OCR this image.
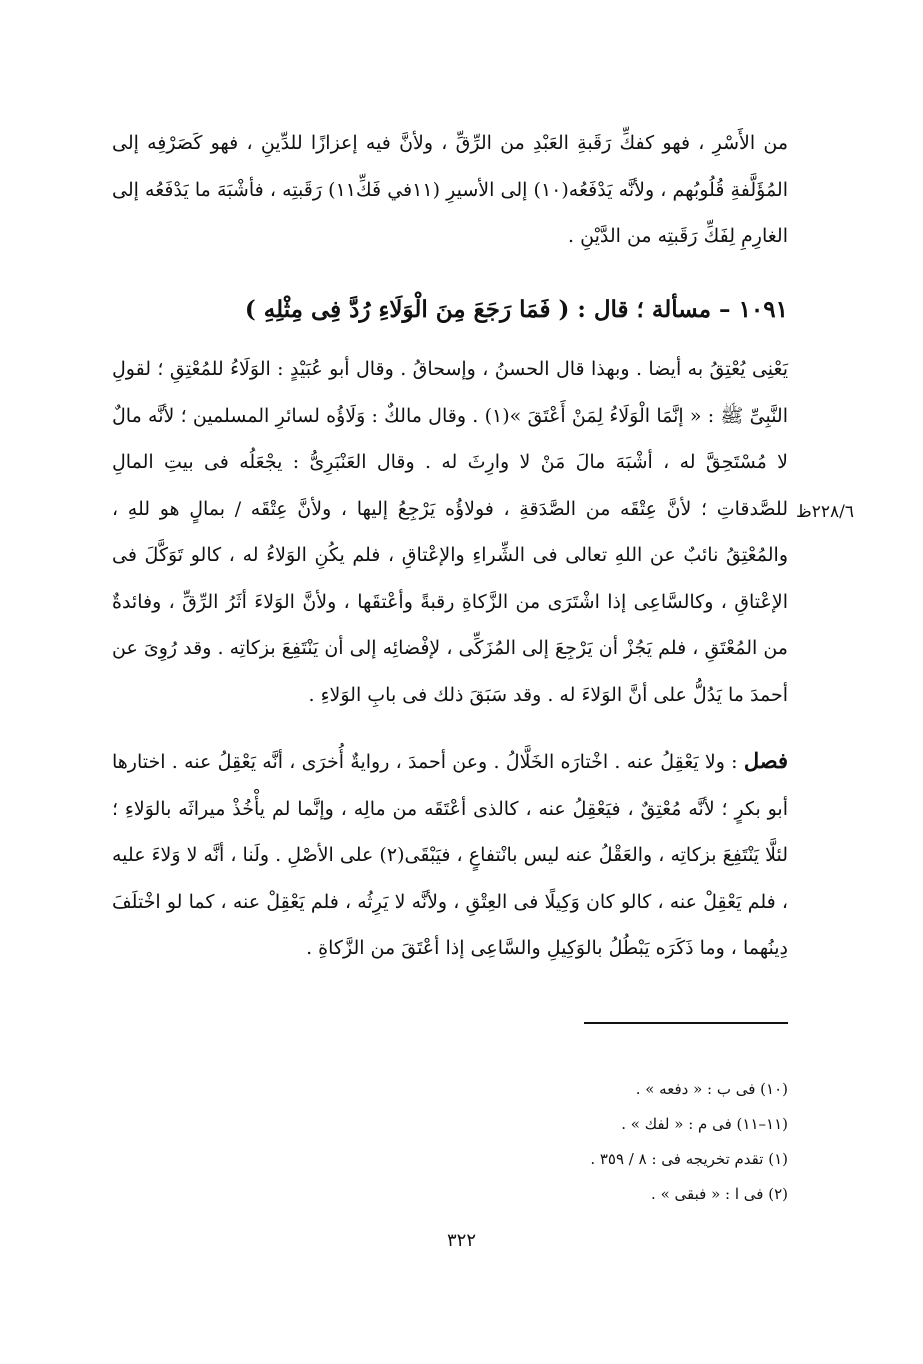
من الأَسْرِ ، فهو كفكِّ رَقَبةِ العَبْدِ من الرِّقِّ ، ولأنَّ فيه إعزازًا للدِّينِ ، فهو كَصَرْفِه إلى المُؤَلَّفةِ قُلُوبُهم ، ولأنَّه يَدْفَعُه(١٠) إلى الأسيرِ (١١في فَكِّ١١) رَقَبتِه ، فأشْبَهَ ما يَدْفَعُه إلى الغارِمِ لِفَكِّ رَقَبتِه من الدَّيْنِ .

١٠٩١ – مسألة ؛ قال : ( فَمَا رَجَعَ مِنَ الْوَلَاءِ رُدَّ فِى مِثْلِهِ )

يَعْنِى يُعْتِقُ به أيضا . وبهذا قال الحسنُ ، وإسحاقُ . وقال أبو عُبَيْدٍ : الوَلَاءُ للمُعْتِقِ ؛ لقولِ النَّبِىِّ ﷺ : « إنَّمَا الْوَلَاءُ لِمَنْ أَعْتَقَ »(١) . وقال مالكٌ : وَلَاؤُه لسائرِ المسلمين ؛ لأنَّه مالٌ لا مُسْتَحِقَّ له ، أشْبَهَ مالَ مَنْ لا وارِثَ له . وقال العَنْبَرِىُّ : يجْعَلُه فى بيتِ المالِ للصَّدقاتِ ؛ لأنَّ عِتْقَه من الصَّدَقةِ ، فولاؤُه يَرْجِعُ إليها ، ولأنَّ عِتْقَه / بمالٍ هو للهِ ، والمُعْتِقُ نائبٌ عن اللهِ تعالى فى الشِّراءِ والإعْتاقِ ، فلم يكُنِ الوَلاءُ له ، كالو تَوَكَّلَ فى الإعْتاقِ ، وكالسَّاعِى إذا اشْتَرَى من الزَّكاةِ رقبةً وأعْتقَها ، ولأنَّ الوَلاءَ أثَرُ الرِّقِّ ، وفائدةٌ من المُعْتَقِ ، فلم يَجُزْ أن يَرْجِعَ إلى المُزَكِّى ، لإفْضائِه إلى أن يَنْتَفِعَ بزكاتِه . وقد رُوِىَ عن أحمدَ ما يَدُلُّ على أنَّ الوَلاءَ له . وقد سَبَقَ ذلك فى بابِ الوَلاءِ .

٢٢٨/٦ظ

فصل : ولا يَعْقِلُ عنه . اخْتارَه الخَلَّالُ . وعن أحمدَ ، روايةٌ أُخرَى ، أنَّه يَعْقِلُ عنه . اختارها أبو بكرٍ ؛ لأنَّه مُعْتِقٌ ، فيَعْقِلُ عنه ، كالذى أعْتَقَه من مالِه ، وإنَّما لم يأْخُذْ ميراثَه بالوَلاءِ ؛ لئلَّا يَنْتَفِعَ بزكاتِه ، والعَقْلُ عنه ليس بانْتفاعٍ ، فيَبْقَى(٢) على الأصْلِ . ولَنا ، أنَّه لا وَلاءَ عليه ، فلم يَعْقِلْ عنه ، كالو كان وَكِيلًا فى العِتْقِ ، ولأنَّه لا يَرِثُه ، فلم يَعْقِلْ عنه ، كما لو اخْتلَفَ دِينُهما ، وما ذَكَرَه يَبْطُلُ بالوَكِيلِ والسَّاعِى إذا أعْتَقَ من الزَّكاةِ .

(١٠) فى ب : « دفعه » .

(١١–١١) فى م : « لفك » .

(١) تقدم تخريجه فى : ٨ / ٣٥٩ .

(٢) فى ا : « فبقى » .

٣٢٢
